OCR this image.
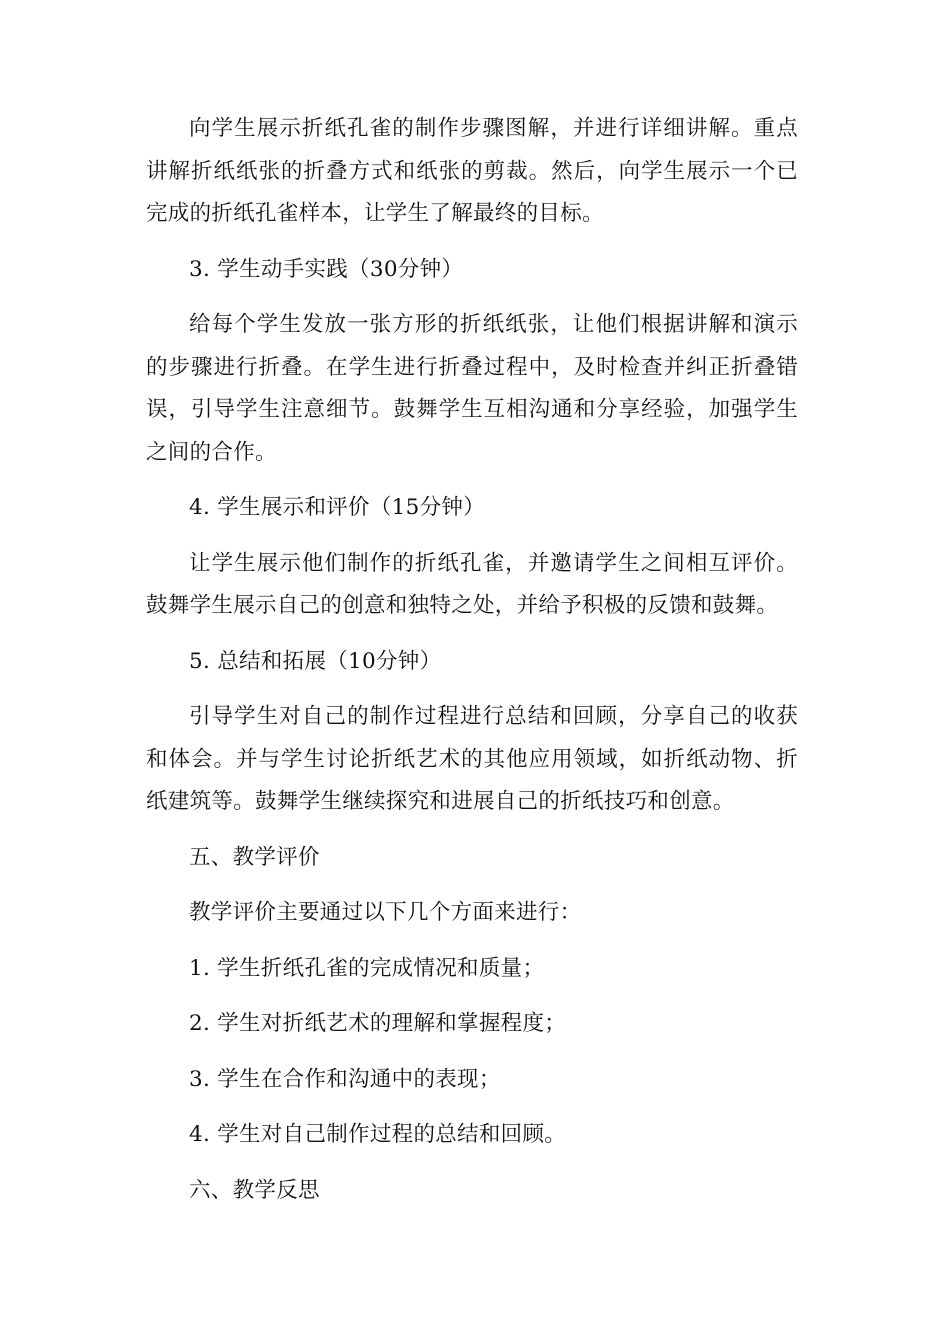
向学生展示折纸孔雀的制作步骤图解，并进行详细讲解。重点讲解折纸纸张的折叠方式和纸张的剪裁。然后，向学生展示一个已完成的折纸孔雀样本，让学生了解最终的目标。

3. 学生动手实践（30分钟）

给每个学生发放一张方形的折纸纸张，让他们根据讲解和演示的步骤进行折叠。在学生进行折叠过程中，及时检查并纠正折叠错误，引导学生注意细节。鼓舞学生互相沟通和分享经验，加强学生之间的合作。

4. 学生展示和评价（15分钟）

让学生展示他们制作的折纸孔雀，并邀请学生之间相互评价。鼓舞学生展示自己的创意和独特之处，并给予积极的反馈和鼓舞。

5. 总结和拓展（10分钟）

引导学生对自己的制作过程进行总结和回顾，分享自己的收获和体会。并与学生讨论折纸艺术的其他应用领域，如折纸动物、折纸建筑等。鼓舞学生继续探究和进展自己的折纸技巧和创意。

五、教学评价

教学评价主要通过以下几个方面来进行：

1. 学生折纸孔雀的完成情况和质量；

2. 学生对折纸艺术的理解和掌握程度；

3. 学生在合作和沟通中的表现；

4. 学生对自己制作过程的总结和回顾。

六、教学反思
